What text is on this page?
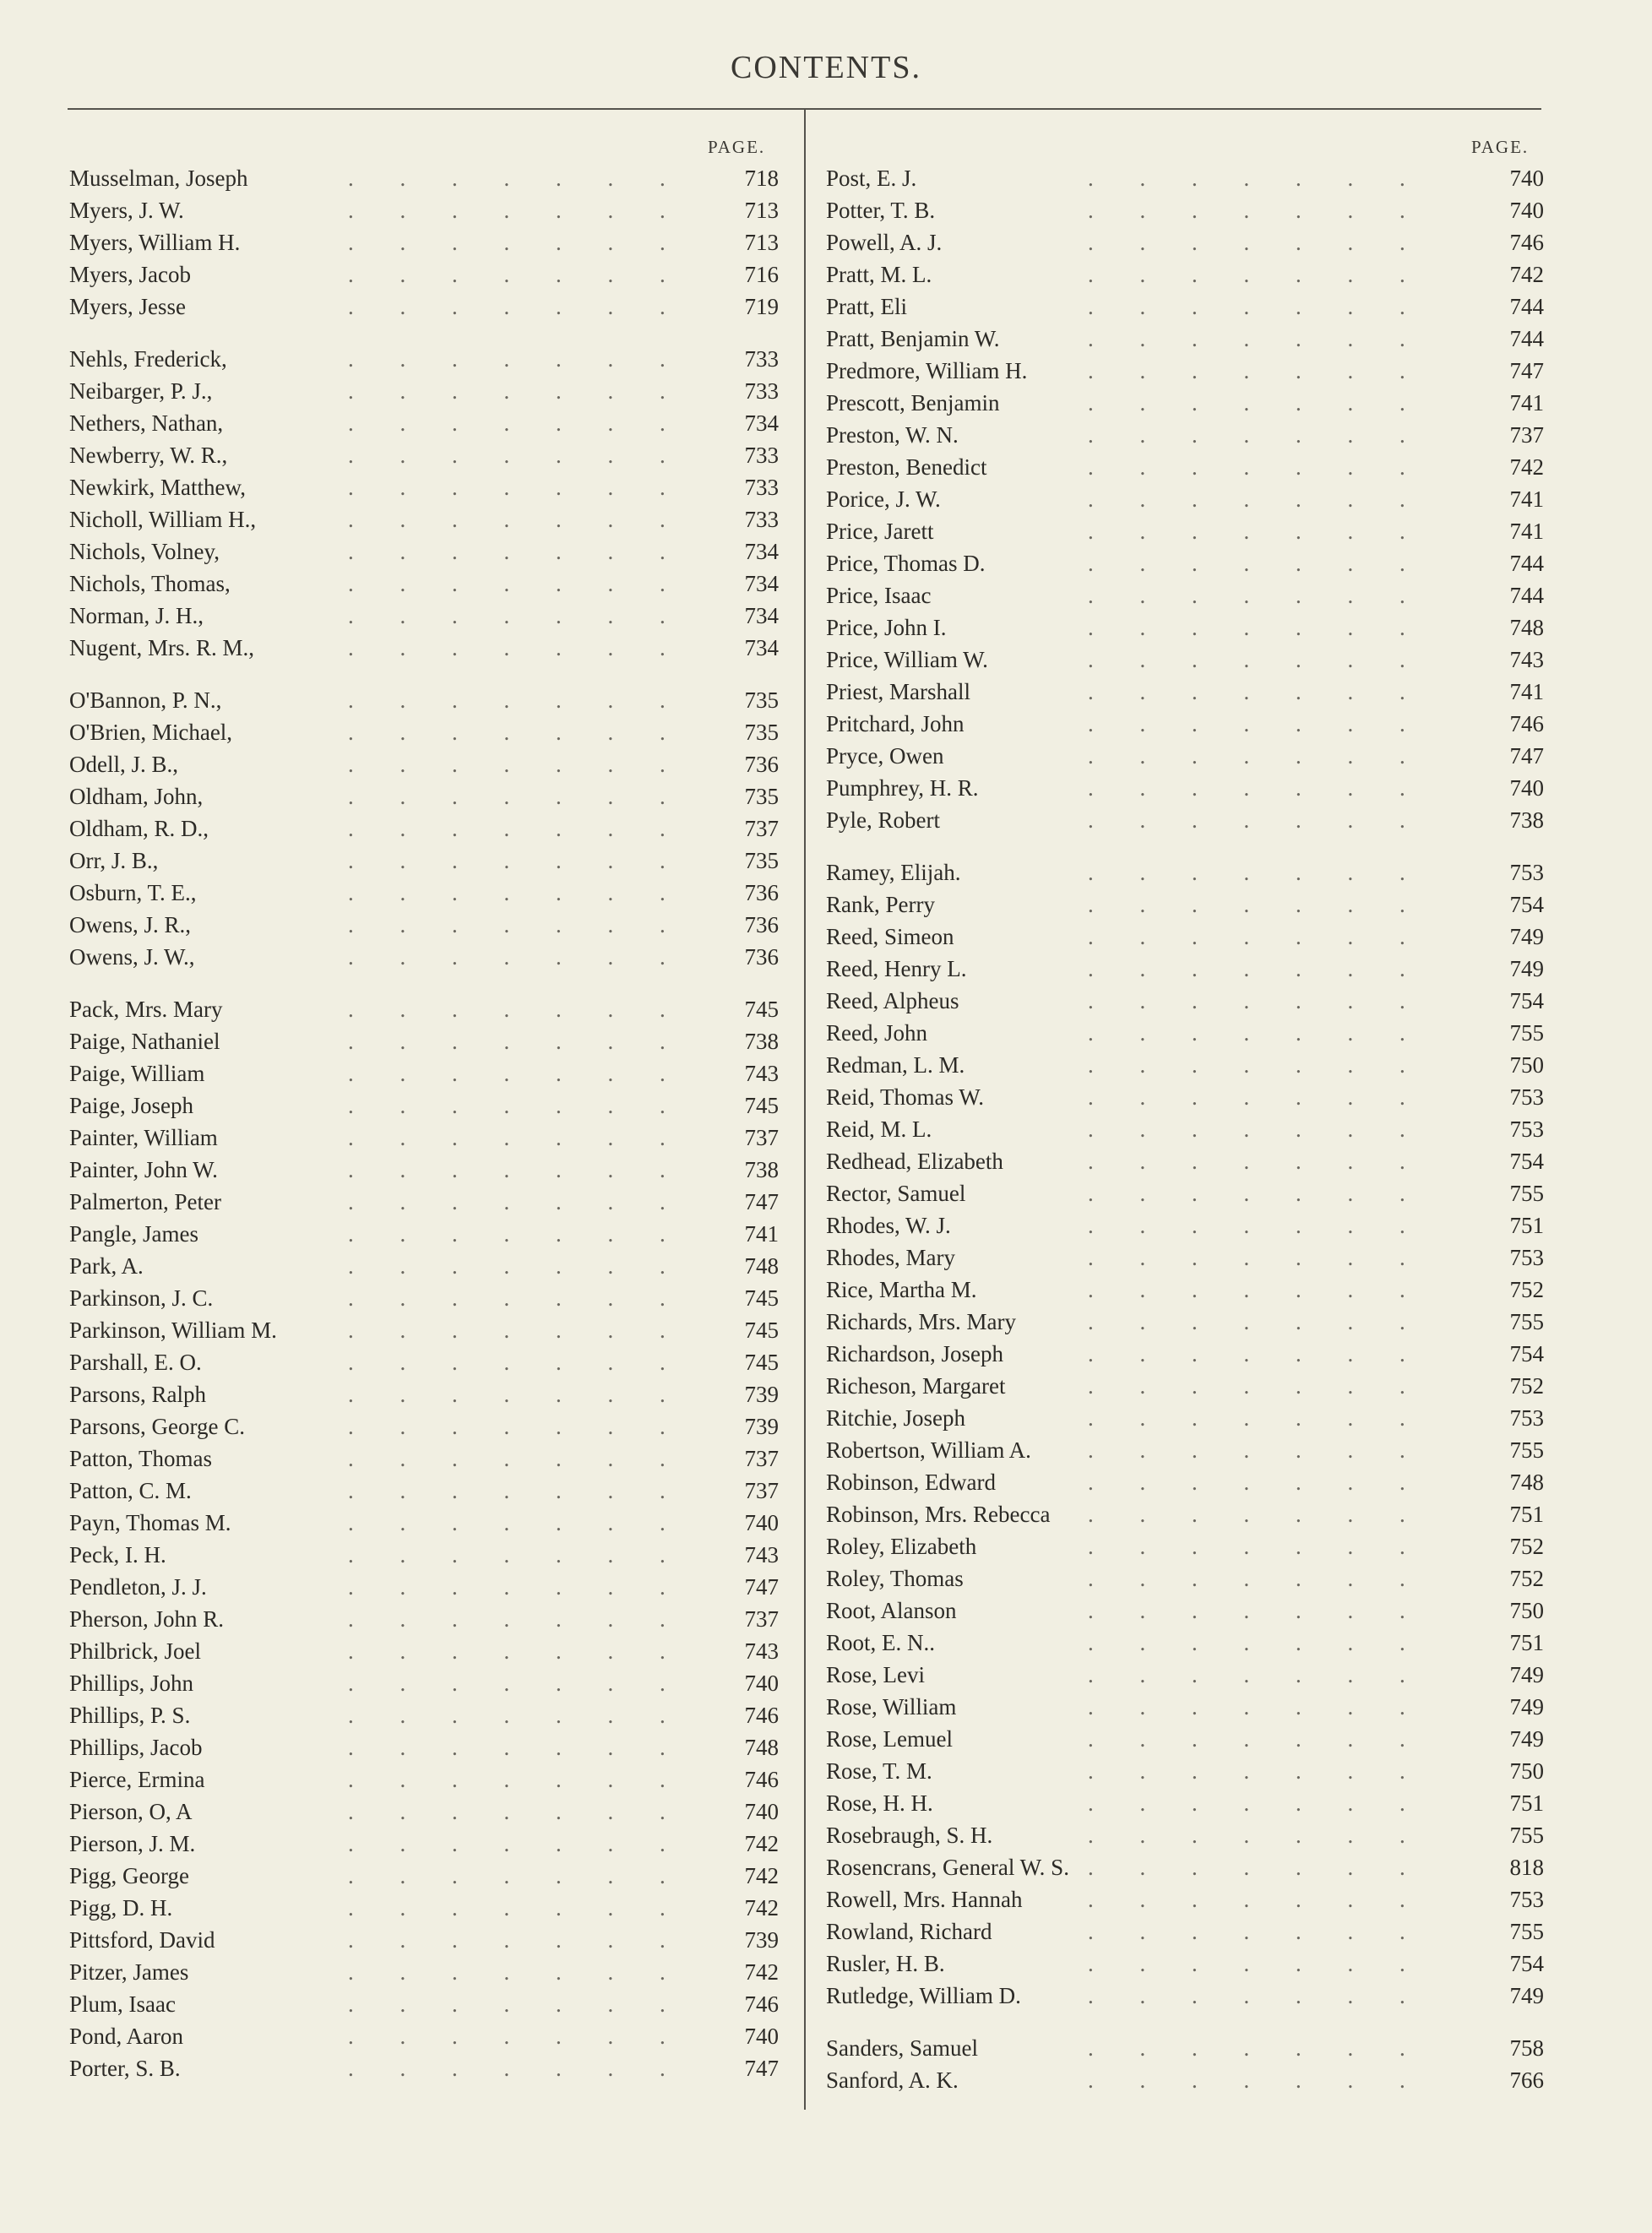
CONTENTS.
PAGE.	PAGE.
Musselman, Joseph	. . . . . . .	718
Myers, J. W.	. . . . . . .	713
Myers, William H.	. . . . . . .	713
Myers, Jacob	. . . . . . .	716
Myers, Jesse	. . . . . . .	719
Nehls, Frederick,	. . . . . . .	733
Neibarger, P. J.,	. . . . . . .	733
Nethers, Nathan,	. . . . . . .	734
Newberry, W. R.,	. . . . . . .	733
Newkirk, Matthew,	. . . . . . .	733
Nicholl, William H.,	. . . . . . .	733
Nichols, Volney,	. . . . . . .	734
Nichols, Thomas,	. . . . . . .	734
Norman, J. H.,	. . . . . . .	734
Nugent, Mrs. R. M.,	. . . . . . .	734
O'Bannon, P. N.,	. . . . . . .	735
O'Brien, Michael,	. . . . . . .	735
Odell, J. B.,	. . . . . . .	736
Oldham, John,	. . . . . . .	735
Oldham, R. D.,	. . . . . . .	737
Orr, J. B.,	. . . . . . .	735
Osburn, T. E.,	. . . . . . .	736
Owens, J. R.,	. . . . . . .	736
Owens, J. W.,	. . . . . . .	736
Pack, Mrs. Mary	. . . . . . .	745
Paige, Nathaniel	. . . . . . .	738
Paige, William	. . . . . . .	743
Paige, Joseph	. . . . . . .	745
Painter, William	. . . . . . .	737
Painter, John W.	. . . . . . .	738
Palmerton, Peter	. . . . . . .	747
Pangle, James	. . . . . . .	741
Park, A.	. . . . . . .	748
Parkinson, J. C.	. . . . . . .	745
Parkinson, William M.	. . . . . . .	745
Parshall, E. O.	. . . . . . .	745
Parsons, Ralph	. . . . . . .	739
Parsons, George C.	. . . . . . .	739
Patton, Thomas	. . . . . . .	737
Patton, C. M.	. . . . . . .	737
Payn, Thomas M.	. . . . . . .	740
Peck, I. H.	. . . . . . .	743
Pendleton, J. J.	. . . . . . .	747
Pherson, John R.	. . . . . . .	737
Philbrick, Joel	. . . . . . .	743
Phillips, John	. . . . . . .	740
Phillips, P. S.	. . . . . . .	746
Phillips, Jacob	. . . . . . .	748
Pierce, Ermina	. . . . . . .	746
Pierson, O, A	. . . . . . .	740
Pierson, J. M.	. . . . . . .	742
Pigg, George	. . . . . . .	742
Pigg, D. H.	. . . . . . .	742
Pittsford, David	. . . . . . .	739
Pitzer, James	. . . . . . .	742
Plum, Isaac	. . . . . . .	746
Pond, Aaron	. . . . . . .	740
Porter, S. B.	. . . . . . .	747
Post, E. J.	. . . . . . .	740
Potter, T. B.	. . . . . . .	740
Powell, A. J.	. . . . . . .	746
Pratt, M. L.	. . . . . . .	742
Pratt, Eli	. . . . . . .	744
Pratt, Benjamin W.	. . . . . . .	744
Predmore, William H.	. . . . . . .	747
Prescott, Benjamin	. . . . . . .	741
Preston, W. N.	. . . . . . .	737
Preston, Benedict	. . . . . . .	742
Porice, J. W.	. . . . . . .	741
Price, Jarett	. . . . . . .	741
Price, Thomas D.	. . . . . . .	744
Price, Isaac	. . . . . . .	744
Price, John I.	. . . . . . .	748
Price, William W.	. . . . . . .	743
Priest, Marshall	. . . . . . .	741
Pritchard, John	. . . . . . .	746
Pryce, Owen	. . . . . . .	747
Pumphrey, H. R.	. . . . . . .	740
Pyle, Robert	. . . . . . .	738
Ramey, Elijah.	. . . . . . .	753
Rank, Perry	. . . . . . .	754
Reed, Simeon	. . . . . . .	749
Reed, Henry L.	. . . . . . .	749
Reed, Alpheus	. . . . . . .	754
Reed, John	. . . . . . .	755
Redman, L. M.	. . . . . . .	750
Reid, Thomas W.	. . . . . . .	753
Reid, M. L.	. . . . . . .	753
Redhead, Elizabeth	. . . . . . .	754
Rector, Samuel	. . . . . . .	755
Rhodes, W. J.	. . . . . . .	751
Rhodes, Mary	. . . . . . .	753
Rice, Martha M.	. . . . . . .	752
Richards, Mrs. Mary	. . . . . . .	755
Richardson, Joseph	. . . . . . .	754
Richeson, Margaret	. . . . . . .	752
Ritchie, Joseph	. . . . . . .	753
Robertson, William A. . . . . . . .	755
Robinson, Edward	. . . . . . .	748
Robinson, Mrs. Rebecca . . . . . . .	751
Roley, Elizabeth	. . . . . . .	752
Roley, Thomas	. . . . . . .	752
Root, Alanson	. . . . . . .	750
Root, E. N..	. . . . . . .	751
Rose, Levi	. . . . . . .	749
Rose, William	. . . . . . .	749
Rose, Lemuel	. . . . . . .	749
Rose, T. M.	. . . . . . .	750
Rose, H. H.	. . . . . . .	751
Rosebraugh, S. H.	. . . . . . .	755
Rosencrans, General W. S. . . . . . . .	818
Rowell, Mrs. Hannah	. . . . . . .	753
Rowland, Richard	. . . . . . .	755
Rusler, H. B.	. . . . . . .	754
Rutledge, William D.	. . . . . . .	749
Sanders, Samuel	. . . . . . .	758
Sanford, A. K.	. . . . . . .	766
